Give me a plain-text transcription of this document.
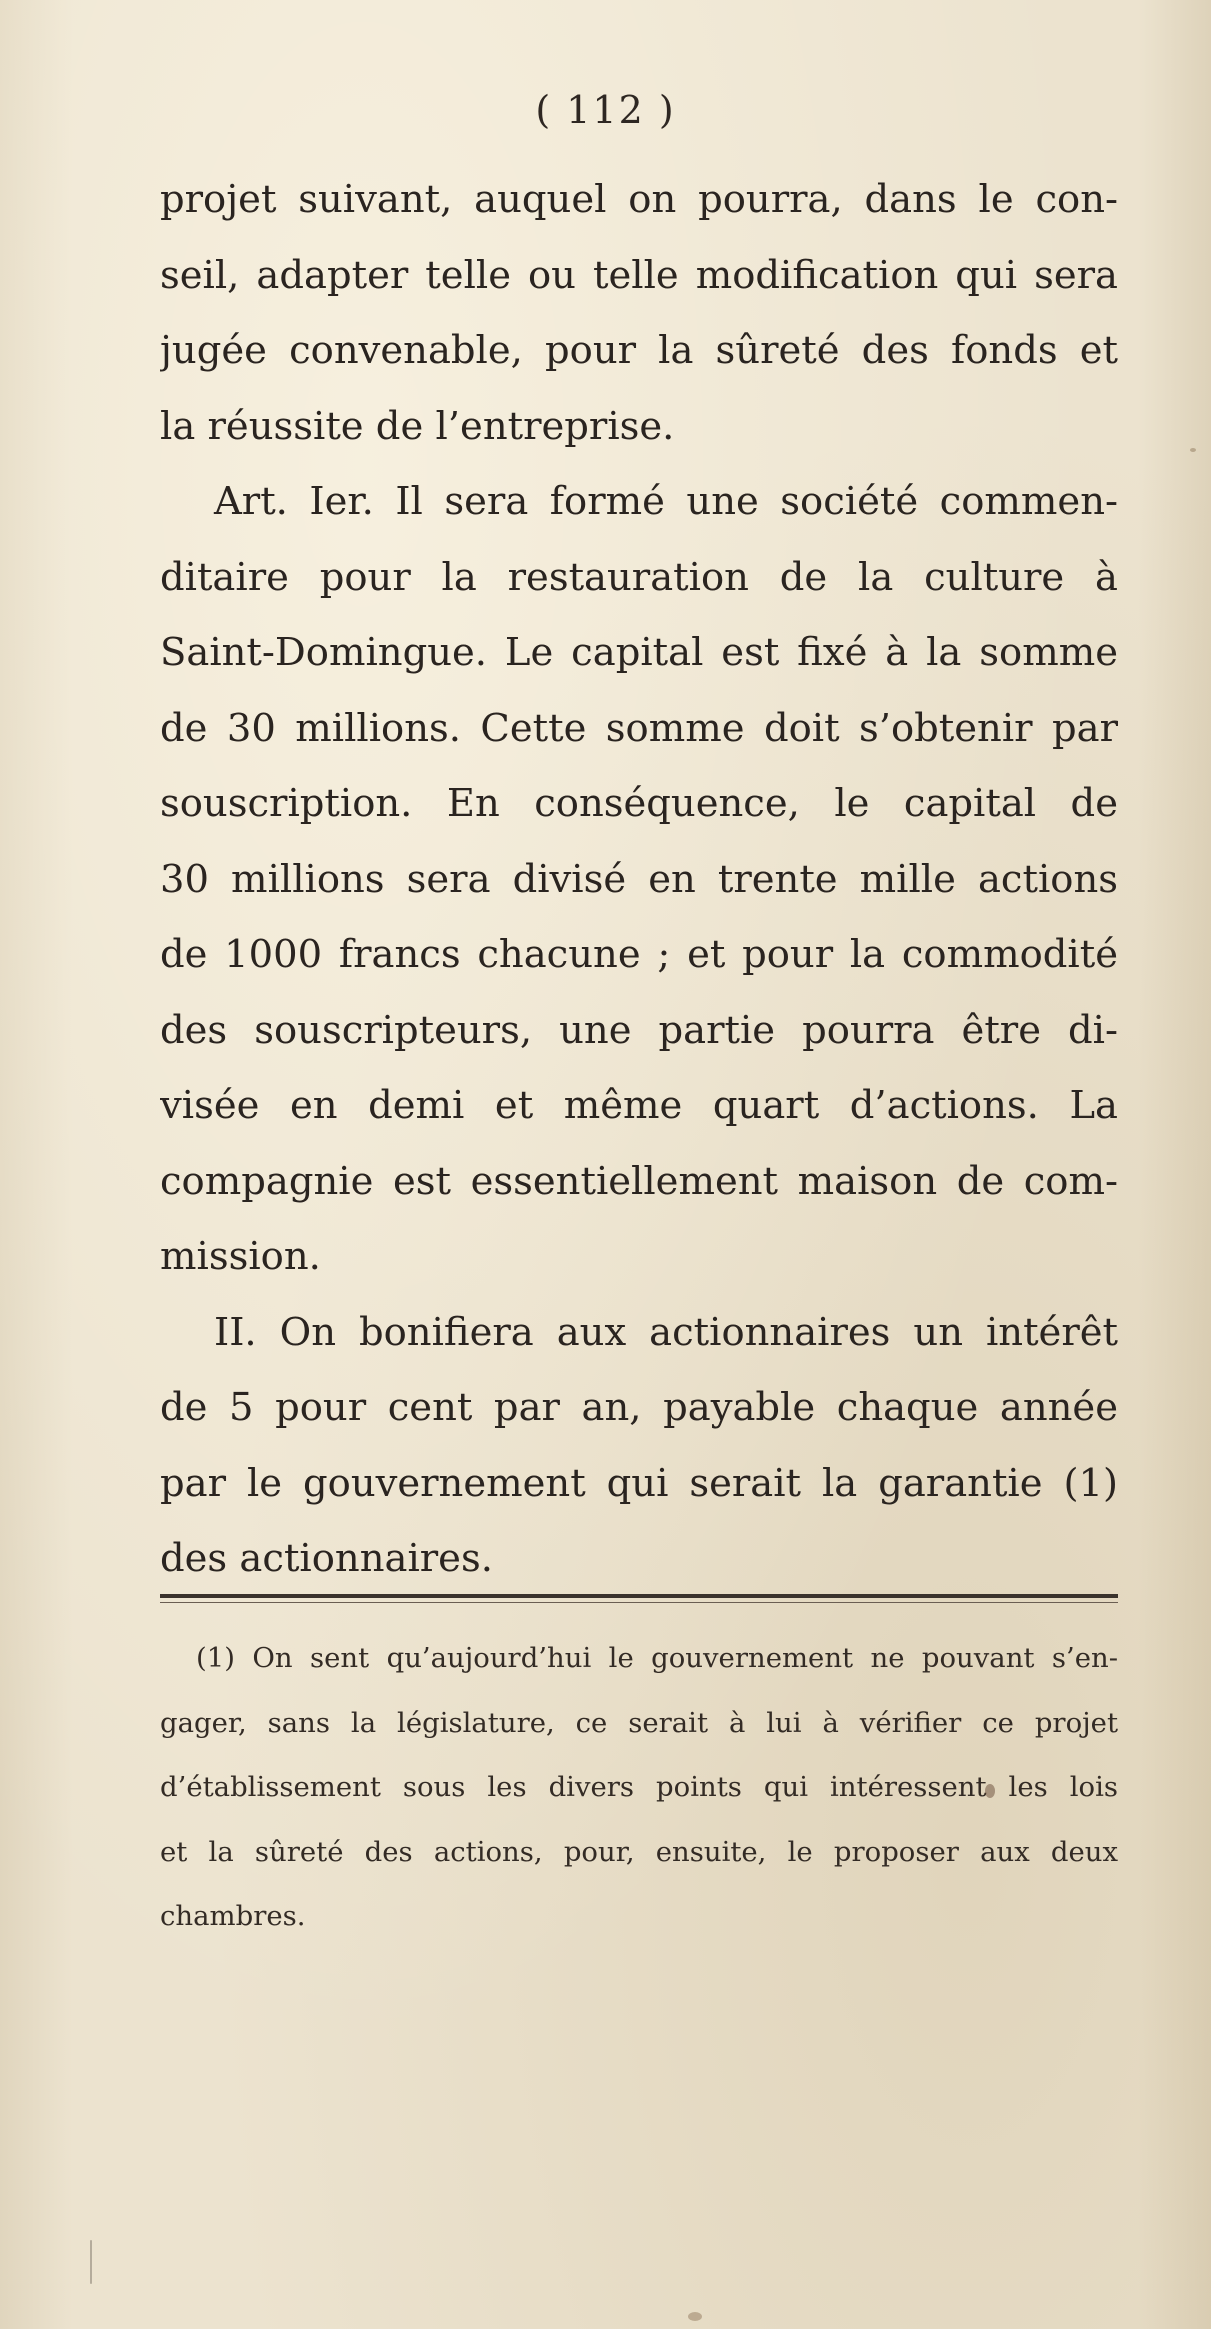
( 112 )
projet suivant, auquel on pourra, dans le con-
seil, adapter telle ou telle modification qui sera
jugée convenable, pour la sûreté des fonds et
la réussite de l’entreprise.
Art. Ier. Il sera formé une société commen-
ditaire pour la restauration de la culture à
Saint-Domingue. Le capital est fixé à la somme
de 30 millions. Cette somme doit s’obtenir par
souscription. En conséquence, le capital de
30 millions sera divisé en trente mille actions
de 1000 francs chacune ; et pour la commodité
des souscripteurs, une partie pourra être di-
visée en demi et même quart d’actions. La
compagnie est essentiellement maison de com-
mission.
II. On bonifiera aux actionnaires un intérêt
de 5 pour cent par an, payable chaque année
par le gouvernement qui serait la garantie (1)
des actionnaires.
(1) On sent qu’aujourd’hui le gouvernement ne pouvant s’en-
gager, sans la législature, ce serait à lui à vérifier ce projet
d’établissement sous les divers points qui intéressent les lois
et la sûreté des actions, pour, ensuite, le proposer aux deux
chambres.
